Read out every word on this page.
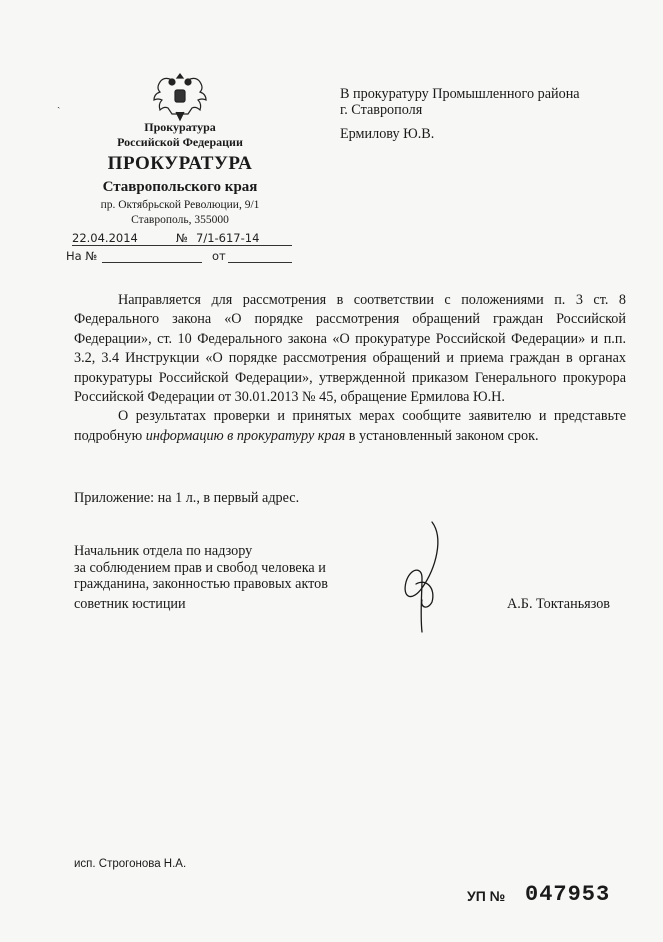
Прокуратура
Российской Федерации
ПРОКУРАТУРА
Ставропольского края
пр. Октябрьской Революции, 9/1
Ставрополь, 355000
ˎ
22.04.2014	№ 7/1-617-14
На №	от
В прокуратуру Промышленного района
г. Ставрополя
Ермилову Ю.В.

Направляется для рассмотрения в соответствии с положениями п. 3 ст. 8 Федерального закона «О порядке рассмотрения обращений граждан Российской Федерации», ст. 10 Федерального закона «О прокуратуре Российской Федерации» и п.п. 3.2, 3.4 Инструкции «О порядке рассмотрения обращений и приема граждан в органах прокуратуры Российской Федерации», утвержденной приказом Генерального прокурора Российской Федерации от 30.01.2013 № 45, обращение Ермилова Ю.Н.

О результатах проверки и принятых мерах сообщите заявителю и представьте подробную информацию в прокуратуру края в установленный законом срок.

Приложение: на 1 л., в первый адрес.
Начальник отдела по надзору
за соблюдением прав и свобод человека и
гражданина, законностью правовых актов
советник юстиции	А.Б. Токтаньязов
исп. Строгонова Н.А.
УП № 047953
